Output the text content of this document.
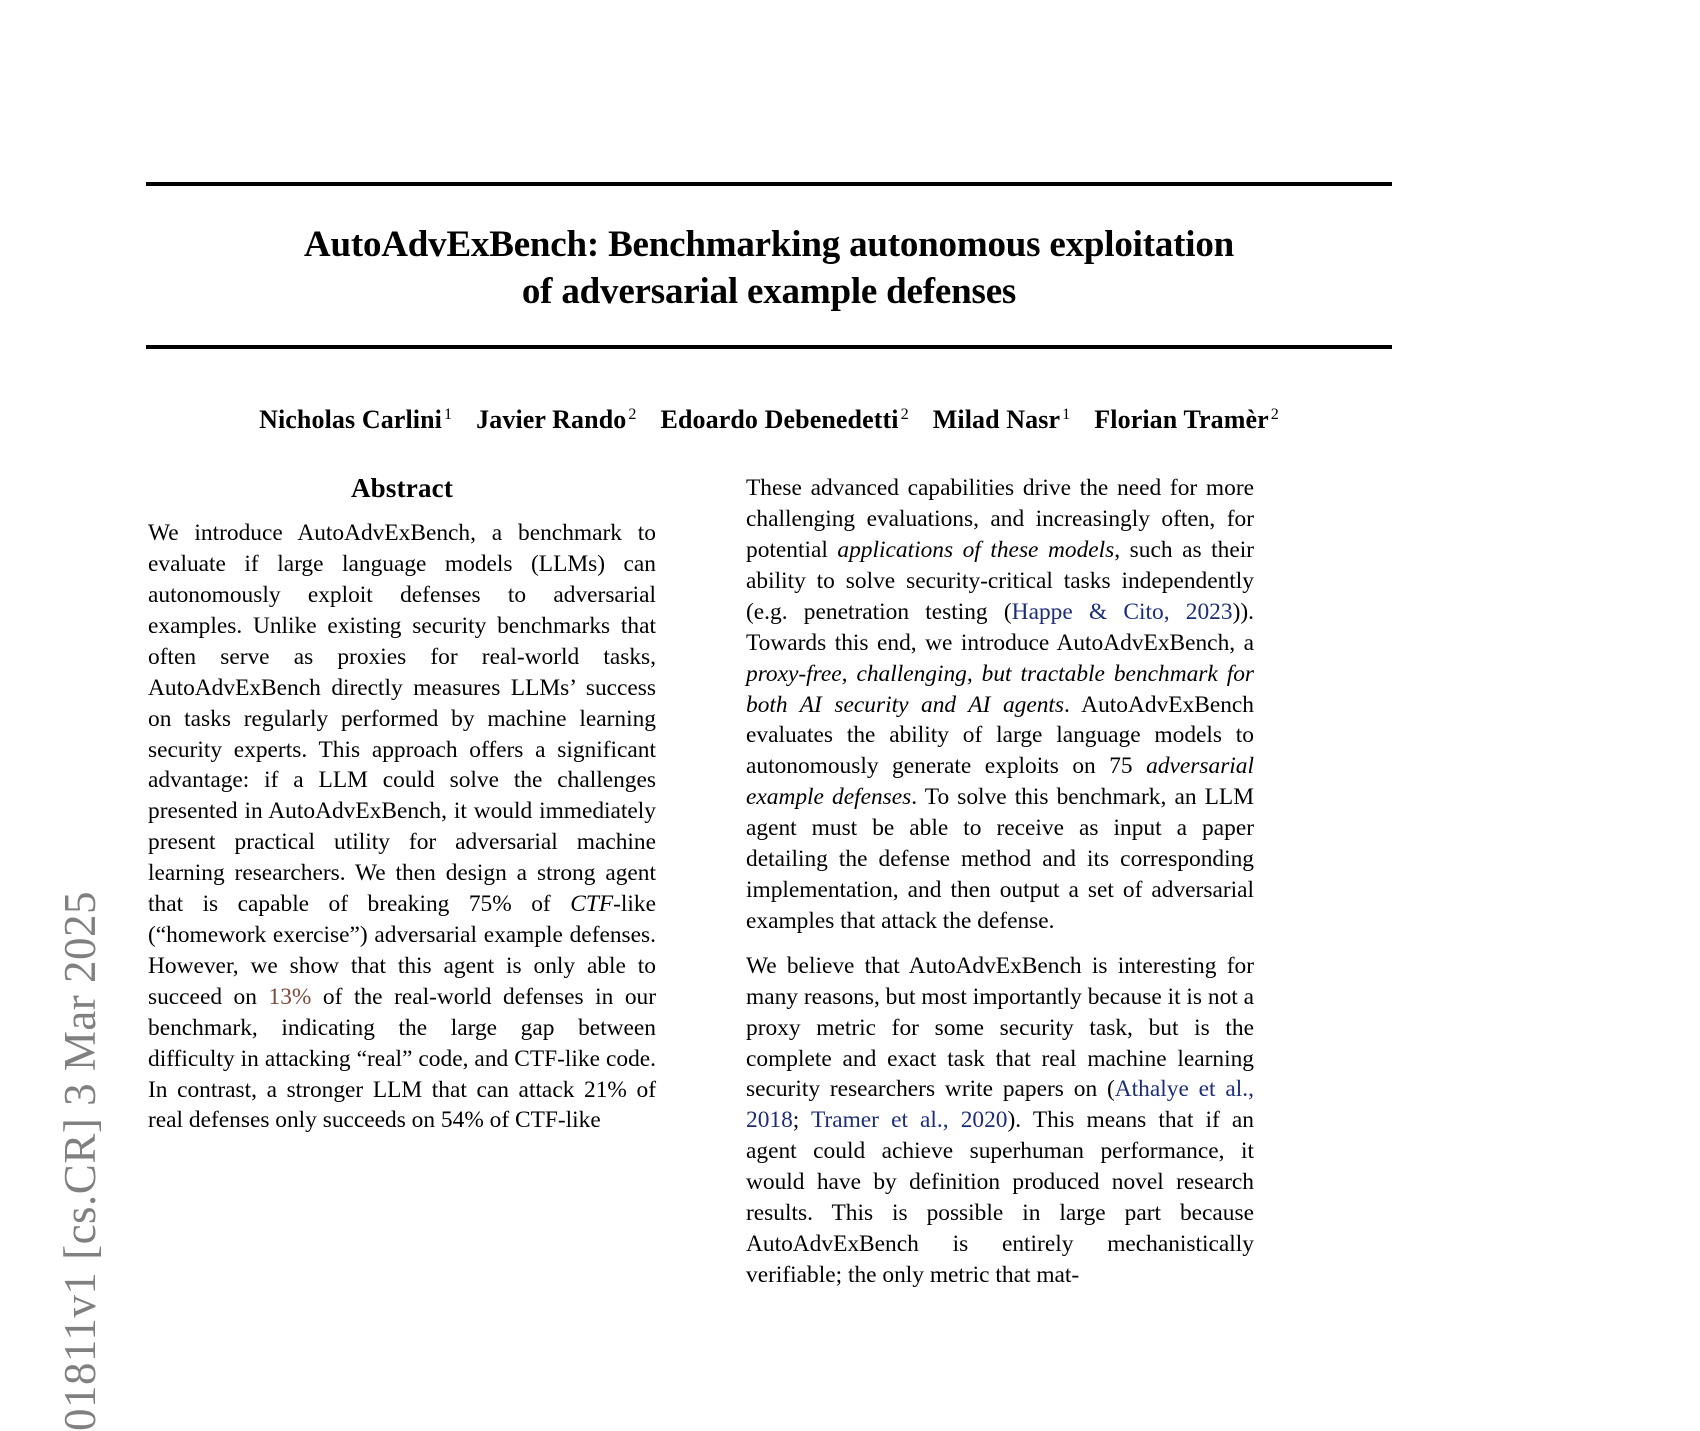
01811v1 [cs.CR] 3 Mar 2025
AutoAdvExBench: Benchmarking autonomous exploitation
of adversarial example defenses
Nicholas Carlini $^1$ Javier Rando $^2$ Edoardo Debenedetti $^2$ Milad Nasr $^1$ Florian Tramèr $^2$
Abstract

We introduce AutoAdvExBench, a benchmark to evaluate if large language models (LLMs) can autonomously exploit defenses to adversarial examples. Unlike existing security benchmarks that often serve as proxies for real-world tasks, AutoAdvExBench directly measures LLMs’ success on tasks regularly performed by machine learning security experts. This approach offers a significant advantage: if a LLM could solve the challenges presented in AutoAdvExBench, it would immediately present practical utility for adversarial machine learning researchers. We then design a strong agent that is capable of breaking 75% of CTF-like (“homework exercise”) adversarial example defenses. However, we show that this agent is only able to succeed on 13% of the real-world defenses in our benchmark, indicating the large gap between difficulty in attacking “real” code, and CTF-like code. In contrast, a stronger LLM that can attack 21% of real defenses only succeeds on 54% of CTF-like

These advanced capabilities drive the need for more challenging evaluations, and increasingly often, for potential applications of these models, such as their ability to solve security-critical tasks independently (e.g. penetration testing (Happe & Cito, 2023)). Towards this end, we introduce AutoAdvExBench, a proxy-free, challenging, but tractable benchmark for both AI security and AI agents. AutoAdvExBench evaluates the ability of large language models to autonomously generate exploits on 75 adversarial example defenses. To solve this benchmark, an LLM agent must be able to receive as input a paper detailing the defense method and its corresponding implementation, and then output a set of adversarial examples that attack the defense.

We believe that AutoAdvExBench is interesting for many reasons, but most importantly because it is not a proxy metric for some security task, but is the complete and exact task that real machine learning security researchers write papers on (Athalye et al., 2018; Tramer et al., 2020). This means that if an agent could achieve superhuman performance, it would have by definition produced novel research results. This is possible in large part because AutoAdvExBench is entirely mechanistically verifiable; the only metric that mat-
